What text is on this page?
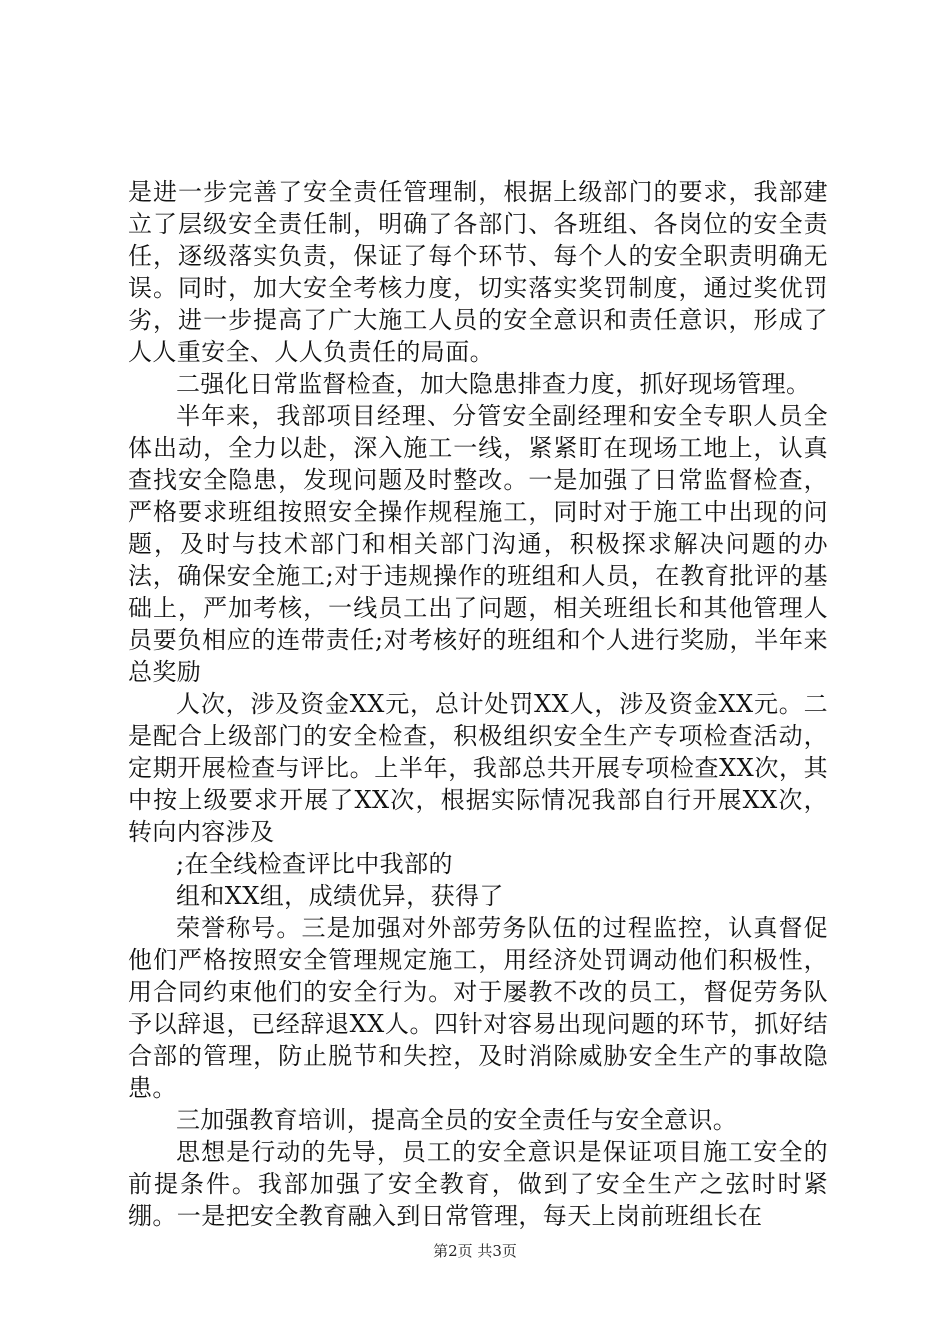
是进一步完善了安全责任管理制，根据上级部门的要求，我部建立了层级安全责任制，明确了各部门、各班组、各岗位的安全责任，逐级落实负责，保证了每个环节、每个人的安全职责明确无误。同时，加大安全考核力度，切实落实奖罚制度，通过奖优罚劣，进一步提高了广大施工人员的安全意识和责任意识，形成了人人重安全、人人负责任的局面。

二强化日常监督检查，加大隐患排查力度，抓好现场管理。

半年来，我部项目经理、分管安全副经理和安全专职人员全体出动，全力以赴，深入施工一线，紧紧盯在现场工地上，认真查找安全隐患，发现问题及时整改。一是加强了日常监督检查，严格要求班组按照安全操作规程施工，同时对于施工中出现的问题，及时与技术部门和相关部门沟通，积极探求解决问题的办法，确保安全施工;对于违规操作的班组和人员，在教育批评的基础上，严加考核，一线员工出了问题，相关班组长和其他管理人员要负相应的连带责任;对考核好的班组和个人进行奖励，半年来总奖励

人次，涉及资金XX元，总计处罚XX人，涉及资金XX元。二是配合上级部门的安全检查，积极组织安全生产专项检查活动，定期开展检查与评比。上半年，我部总共开展专项检查XX次，其中按上级要求开展了XX次，根据实际情况我部自行开展XX次，转向内容涉及

;在全线检查评比中我部的

组和XX组，成绩优异，获得了

荣誉称号。三是加强对外部劳务队伍的过程监控，认真督促他们严格按照安全管理规定施工，用经济处罚调动他们积极性，用合同约束他们的安全行为。对于屡教不改的员工，督促劳务队予以辞退，已经辞退XX人。四针对容易出现问题的环节，抓好结合部的管理，防止脱节和失控，及时消除威胁安全生产的事故隐患。

三加强教育培训，提高全员的安全责任与安全意识。

思想是行动的先导，员工的安全意识是保证项目施工安全的前提条件。我部加强了安全教育，做到了安全生产之弦时时紧绷。一是把安全教育融入到日常管理，每天上岗前班组长在

第2页 共3页
